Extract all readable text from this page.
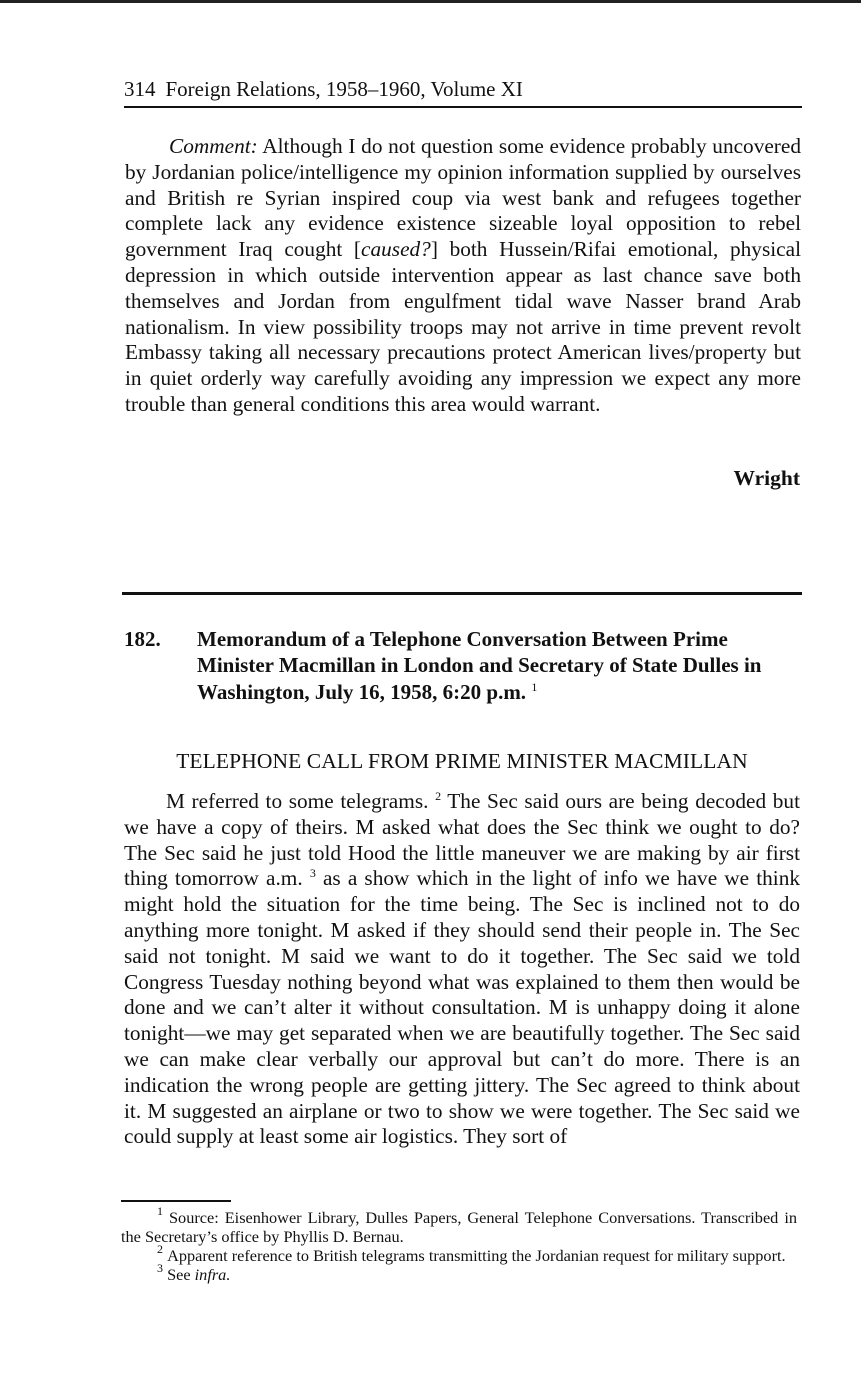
314 Foreign Relations, 1958–1960, Volume XI

Comment: Although I do not question some evidence probably uncovered by Jordanian police/intelligence my opinion information supplied by ourselves and British re Syrian inspired coup via west bank and refugees together complete lack any evidence existence sizeable loyal opposition to rebel government Iraq cought [caused?] both Hussein/Rifai emotional, physical depression in which outside intervention appear as last chance save both themselves and Jordan from engulfment tidal wave Nasser brand Arab nationalism. In view possibility troops may not arrive in time prevent revolt Embassy taking all necessary precautions protect American lives/property but in quiet orderly way carefully avoiding any impression we expect any more trouble than general conditions this area would warrant.

Wright
182. Memorandum of a Telephone Conversation Between Prime Minister Macmillan in London and Secretary of State Dulles in Washington, July 16, 1958, 6:20 p.m. $^1$
TELEPHONE CALL FROM PRIME MINISTER MACMILLAN

M referred to some telegrams. $^2$ The Sec said ours are being decoded but we have a copy of theirs. M asked what does the Sec think we ought to do? The Sec said he just told Hood the little maneuver we are making by air first thing tomorrow a.m. $^3$ as a show which in the light of info we have we think might hold the situation for the time being. The Sec is inclined not to do anything more tonight. M asked if they should send their people in. The Sec said not tonight. M said we want to do it together. The Sec said we told Congress Tuesday nothing beyond what was explained to them then would be done and we can’t alter it without consultation. M is unhappy doing it alone tonight—we may get separated when we are beautifully together. The Sec said we can make clear verbally our approval but can’t do more. There is an indication the wrong people are getting jittery. The Sec agreed to think about it. M suggested an airplane or two to show we were together. The Sec said we could supply at least some air logistics. They sort of

$^1$ Source: Eisenhower Library, Dulles Papers, General Telephone Conversations. Transcribed in the Secretary’s office by Phyllis D. Bernau.

$^2$ Apparent reference to British telegrams transmitting the Jordanian request for military support.

$^3$ See infra.
